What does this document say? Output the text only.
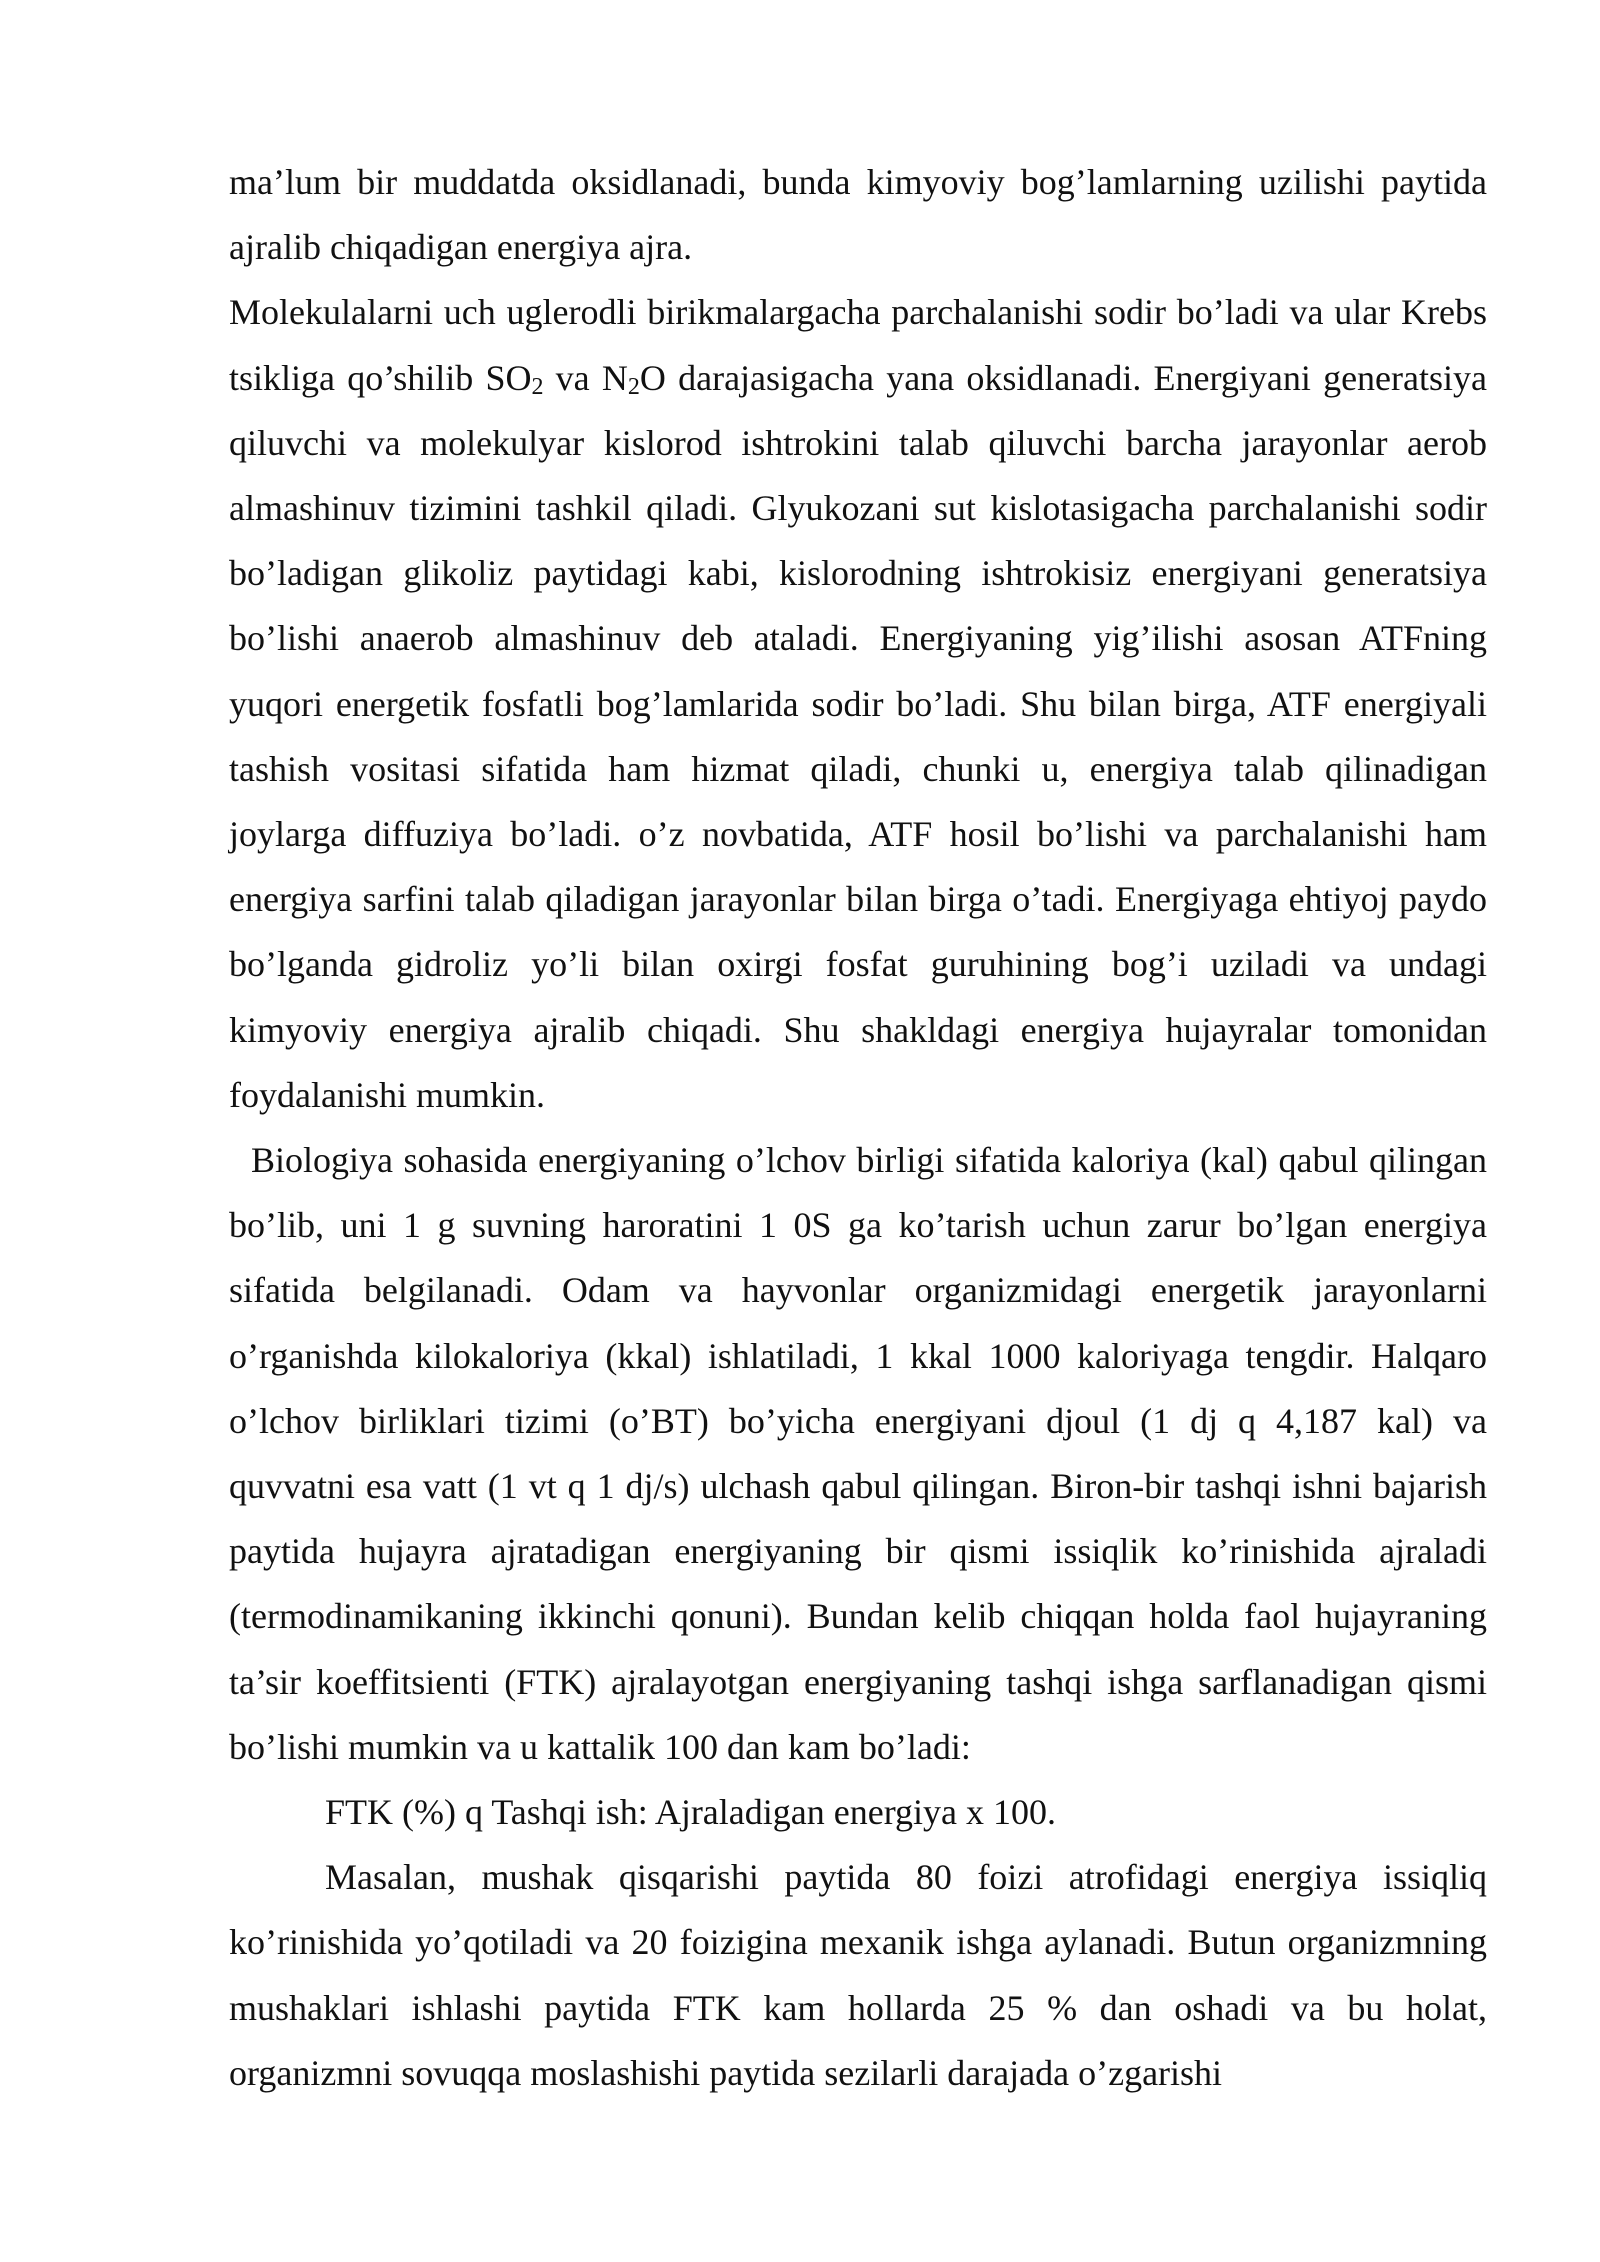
ma’lum bir muddatda oksidlanadi, bunda kimyoviy bog’lamlarning uzilishi paytida ajralib chiqadigan energiya ajra.

Molekulalarni uch uglerodli birikmalargacha parchalanishi sodir bo’ladi va ular Krebs tsikliga qo’shilib $SO_2$ va $N_2O$ darajasigacha yana oksidlanadi. Energiyani generatsiya qiluvchi va molekulyar kislorod ishtrokini talab qiluvchi barcha jarayonlar aerob almashinuv tizimini tashkil qiladi. Glyukozani sut kislotasigacha parchalanishi sodir bo’ladigan glikoliz paytidagi kabi, kislorodning ishtrokisiz energiyani generatsiya bo’lishi anaerob almashinuv deb ataladi. Energiyaning yig’ilishi asosan ATFning yuqori energetik fosfatli bog’lamlarida sodir bo’ladi. Shu bilan birga, ATF energiyali tashish vositasi sifatida ham hizmat qiladi, chunki u, energiya talab qilinadigan joylarga diffuziya bo’ladi. o’z novbatida, ATF hosil bo’lishi va parchalanishi ham energiya sarfini talab qiladigan jarayonlar bilan birga o’tadi. Energiyaga ehtiyoj paydo bo’lganda gidroliz yo’li bilan oxirgi fosfat guruhining bog’i uziladi va undagi kimyoviy energiya ajralib chiqadi. Shu shakldagi energiya hujayralar tomonidan foydalanishi mumkin.

Biologiya sohasida energiyaning o’lchov birligi sifatida kaloriya (kal) qabul qilingan bo’lib, uni 1 g suvning haroratini 1 0S ga ko’tarish uchun zarur bo’lgan energiya sifatida belgilanadi. Odam va hayvonlar organizmidagi energetik jarayonlarni o’rganishda kilokaloriya (kkal) ishlatiladi, 1 kkal 1000 kaloriyaga tengdir. Halqaro o’lchov birliklari tizimi (o’BT) bo’yicha energiyani djoul (1 dj q 4,187 kal) va quvvatni esa vatt (1 vt q 1 dj/s) ulchash qabul qilingan. Biron-bir tashqi ishni bajarish paytida hujayra ajratadigan energiyaning bir qismi issiqlik ko’rinishida ajraladi (termodinamikaning ikkinchi qonuni). Bundan kelib chiqqan holda faol hujayraning ta’sir koeffitsienti (FTK) ajralayotgan energiyaning tashqi ishga sarflanadigan qismi bo’lishi mumkin va u kattalik 100 dan kam bo’ladi:

FTK (%) q Tashqi ish: Ajraladigan energiya x 100.

Masalan, mushak qisqarishi paytida 80 foizi atrofidagi energiya issiqliq ko’rinishida yo’qotiladi va 20 foizigina mexanik ishga aylanadi. Butun organizmning mushaklari ishlashi paytida FTK kam hollarda 25 % dan oshadi va bu holat, organizmni sovuqqa moslashishi paytida sezilarli darajada o’zgarishi
